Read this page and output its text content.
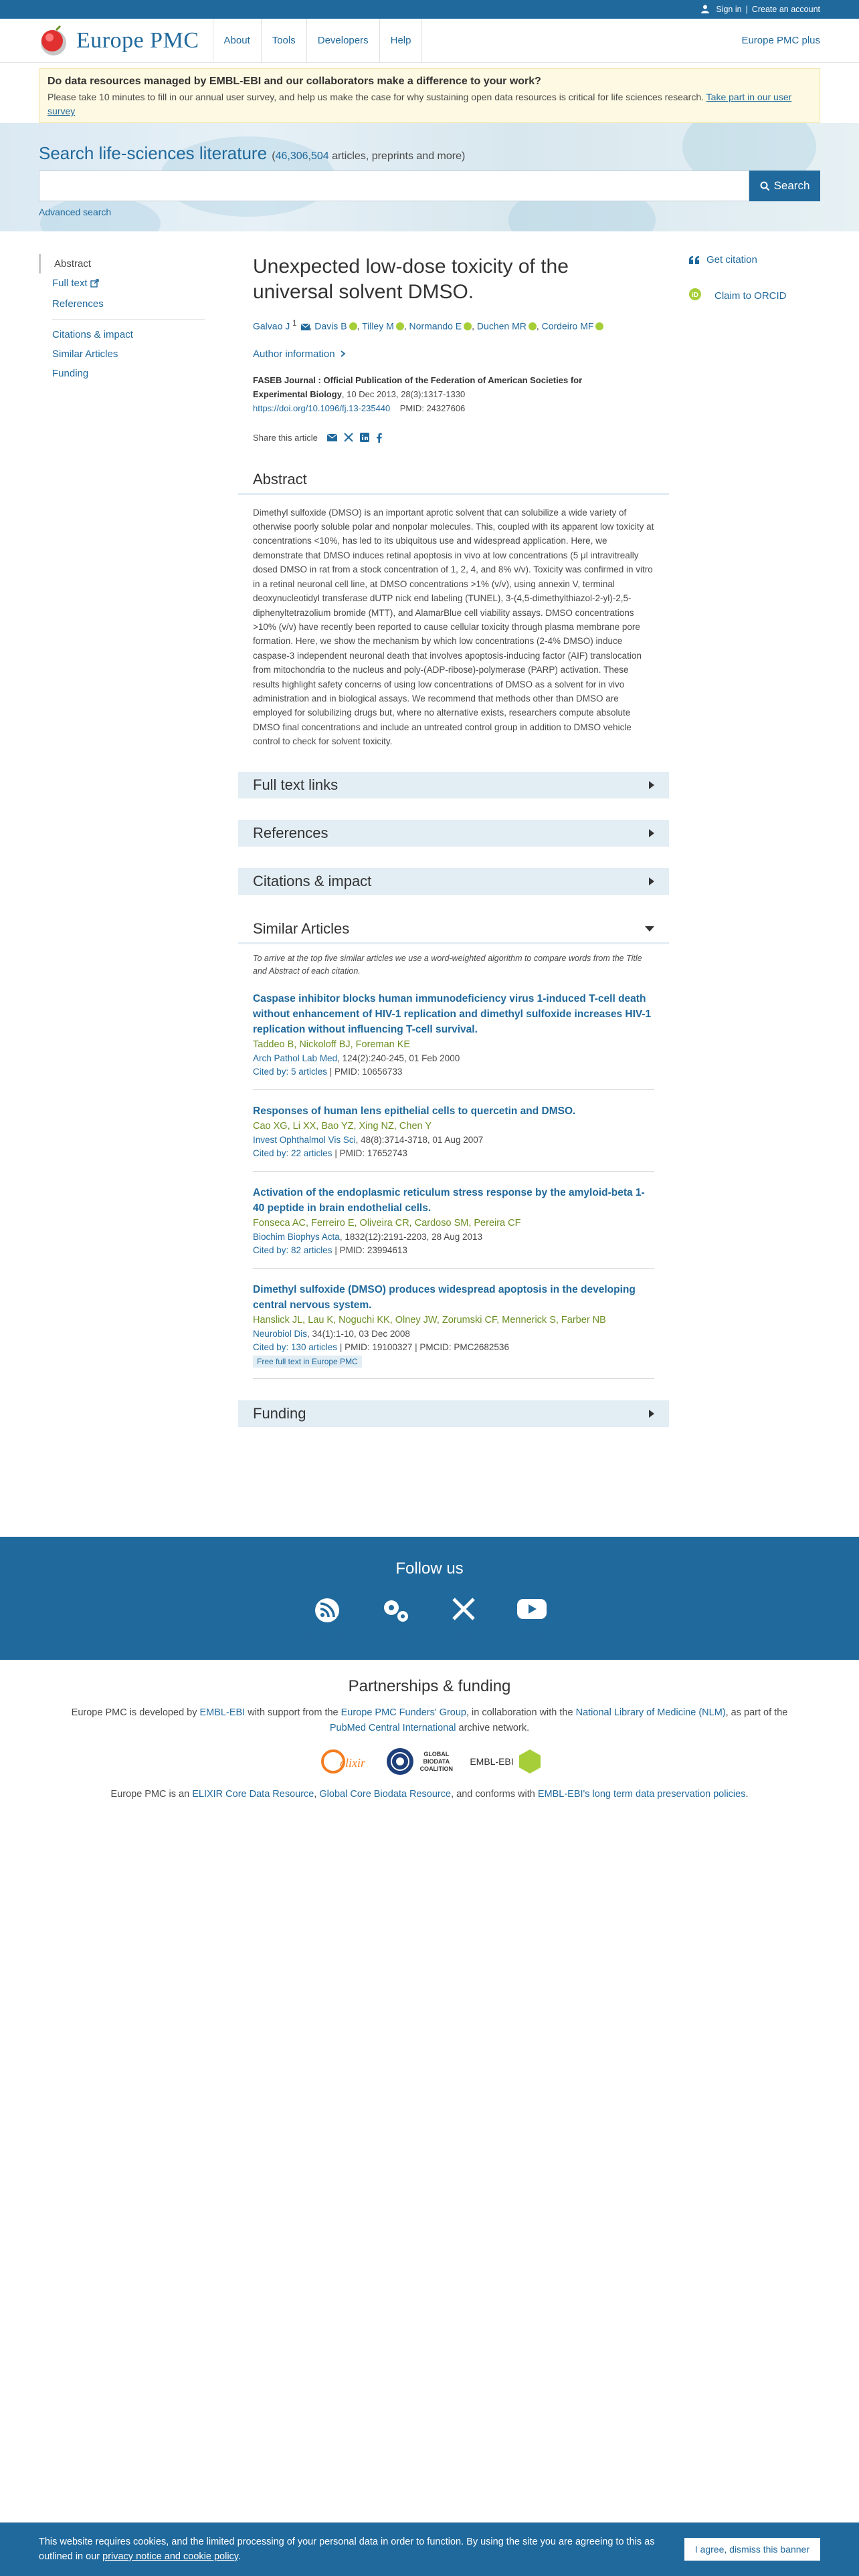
Sign in | Create an account
Europe PMC	About	Tools	Developers	Help	Europe PMC plus
Do data resources managed by EMBL-EBI and our collaborators make a difference to your work?

Please take 10 minutes to fill in our annual user survey, and help us make the case for why sustaining open data resources is critical for life sciences research. Take part in our user survey

Search life-sciences literature (46,306,504 articles, preprints and more)
Search
Advanced search
Abstract
Full text
References
Citations & impact
Similar Articles
Funding
Unexpected low-dose toxicity of the universal solvent DMSO.
Galvao J $^1$ , Davis B , Tilley M , Normando E , Duchen MR , Cordeiro MF
Author information
FASEB Journal : Official Publication of the Federation of American Societies for Experimental Biology, 10 Dec 2013, 28(3):1317-1330
https://doi.org/10.1096/fj.13-235440 PMID: 24327606
Share this article
Abstract

Dimethyl sulfoxide (DMSO) is an important aprotic solvent that can solubilize a wide variety of otherwise poorly soluble polar and nonpolar molecules. This, coupled with its apparent low toxicity at concentrations <10%, has led to its ubiquitous use and widespread application. Here, we demonstrate that DMSO induces retinal apoptosis in vivo at low concentrations (5 μl intravitreally dosed DMSO in rat from a stock concentration of 1, 2, 4, and 8% v/v). Toxicity was confirmed in vitro in a retinal neuronal cell line, at DMSO concentrations >1% (v/v), using annexin V, terminal deoxynucleotidyl transferase dUTP nick end labeling (TUNEL), 3-(4,5-dimethylthiazol-2-yl)-2,5-diphenyltetrazolium bromide (MTT), and AlamarBlue cell viability assays. DMSO concentrations >10% (v/v) have recently been reported to cause cellular toxicity through plasma membrane pore formation. Here, we show the mechanism by which low concentrations (2-4% DMSO) induce caspase-3 independent neuronal death that involves apoptosis-inducing factor (AIF) translocation from mitochondria to the nucleus and poly-(ADP-ribose)-polymerase (PARP) activation. These results highlight safety concerns of using low concentrations of DMSO as a solvent for in vivo administration and in biological assays. We recommend that methods other than DMSO are employed for solubilizing drugs but, where no alternative exists, researchers compute absolute DMSO final concentrations and include an untreated control group in addition to DMSO vehicle control to check for solvent toxicity.

Full text links
References
Citations & impact
Similar Articles

To arrive at the top five similar articles we use a word-weighted algorithm to compare words from the Title and Abstract of each citation.

Caspase inhibitor blocks human immunodeficiency virus 1-induced T-cell death without enhancement of HIV-1 replication and dimethyl sulfoxide increases HIV-1 replication without influencing T-cell survival.
Taddeo B, Nickoloff BJ, Foreman KE
Arch Pathol Lab Med, 124(2):240-245, 01 Feb 2000
Cited by: 5 articles | PMID: 10656733
Responses of human lens epithelial cells to quercetin and DMSO.
Cao XG, Li XX, Bao YZ, Xing NZ, Chen Y
Invest Ophthalmol Vis Sci, 48(8):3714-3718, 01 Aug 2007
Cited by: 22 articles | PMID: 17652743
Activation of the endoplasmic reticulum stress response by the amyloid-beta 1-40 peptide in brain endothelial cells.
Fonseca AC, Ferreiro E, Oliveira CR, Cardoso SM, Pereira CF
Biochim Biophys Acta, 1832(12):2191-2203, 28 Aug 2013
Cited by: 82 articles | PMID: 23994613
Dimethyl sulfoxide (DMSO) produces widespread apoptosis in the developing central nervous system.
Hanslick JL, Lau K, Noguchi KK, Olney JW, Zorumski CF, Mennerick S, Farber NB
Neurobiol Dis, 34(1):1-10, 03 Dec 2008
Cited by: 130 articles | PMID: 19100327 | PMCID: PMC2682536
Free full text in Europe PMC
Funding
Get citation
iD Claim to ORCID
Follow us
News blog Technical blog	Twitter	YouTube
Partnerships & funding

Europe PMC is developed by EMBL-EBI with support from the Europe PMC Funders' Group, in collaboration with the National Library of Medicine (NLM), as part of the
PubMed Central International archive network.

elixir
GLOBAL BIODATA COALITION
EMBL-EBI

Europe PMC is an ELIXIR Core Data Resource, Global Core Biodata Resource, and conforms with EMBL-EBI's long term data preservation policies.

This website requires cookies, and the limited processing of your personal data in order to function. By using the site you are agreeing to this as outlined in our privacy notice and cookie policy.

I agree, dismiss this banner
